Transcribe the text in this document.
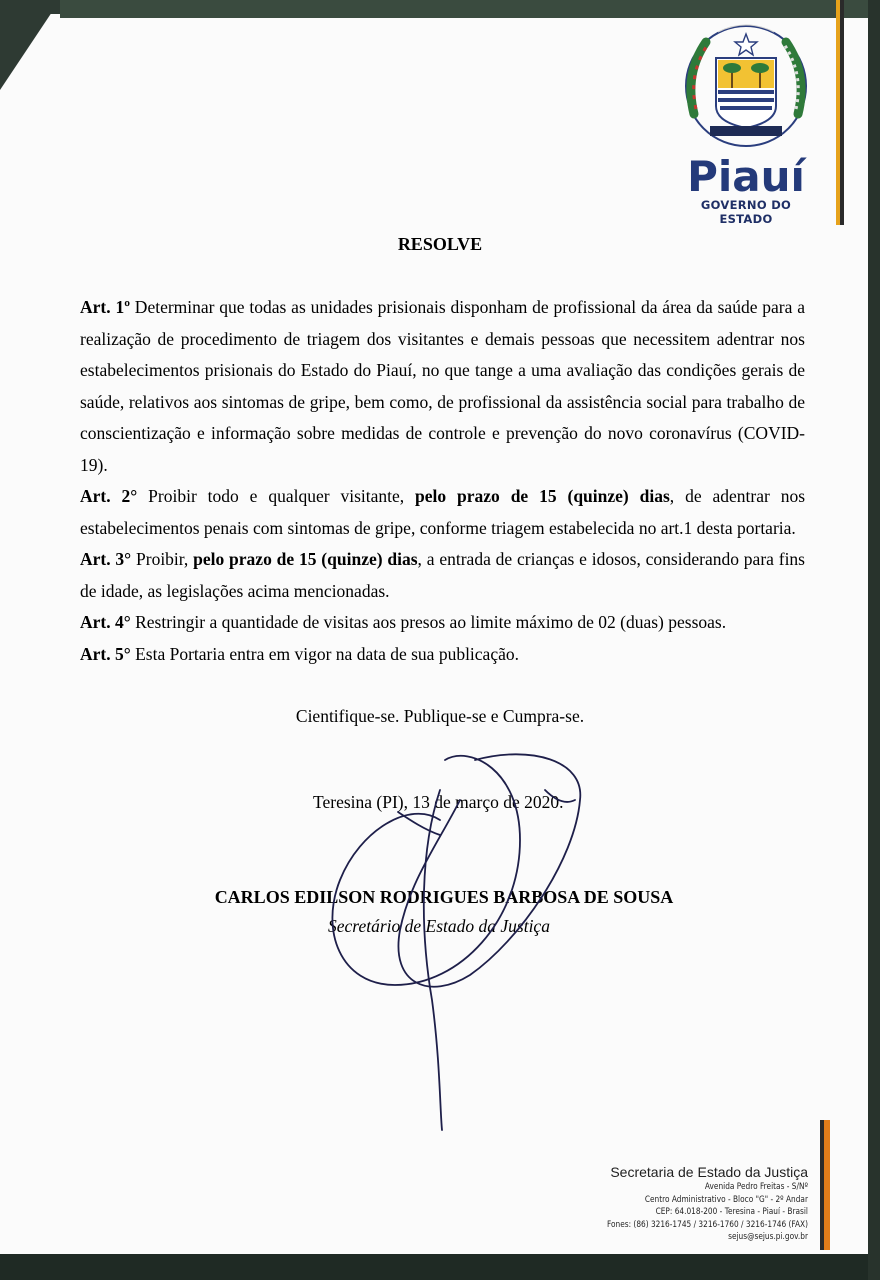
Piauí
GOVERNO DO ESTADO
RESOLVE

Art. 1º Determinar que todas as unidades prisionais disponham de profissional da área da saúde para a realização de procedimento de triagem dos visitantes e demais pessoas que necessitem adentrar nos estabelecimentos prisionais do Estado do Piauí, no que tange a uma avaliação das condições gerais de saúde, relativos aos sintomas de gripe, bem como, de profissional da assistência social para trabalho de conscientização e informação sobre medidas de controle e prevenção do novo coronavírus (COVID-19).

Art. 2° Proibir todo e qualquer visitante, pelo prazo de 15 (quinze) dias, de adentrar nos estabelecimentos penais com sintomas de gripe, conforme triagem estabelecida no art.1 desta portaria.

Art. 3° Proibir, pelo prazo de 15 (quinze) dias, a entrada de crianças e idosos, considerando para fins de idade, as legislações acima mencionadas.

Art. 4° Restringir a quantidade de visitas aos presos ao limite máximo de 02 (duas) pessoas.

Art. 5° Esta Portaria entra em vigor na data de sua publicação.

Cientifique-se. Publique-se e Cumpra-se.
Teresina (PI), 13 de março de 2020.
CARLOS EDILSON RODRIGUES BARBOSA DE SOUSA
Secretário de Estado da Justiça
Secretaria de Estado da Justiça
Avenida Pedro Freitas - S/Nº
Centro Administrativo - Bloco "G" - 2º Andar
CEP: 64.018-200 - Teresina - Piauí - Brasil
Fones: (86) 3216-1745 / 3216-1760 / 3216-1746 (FAX)
sejus@sejus.pi.gov.br
